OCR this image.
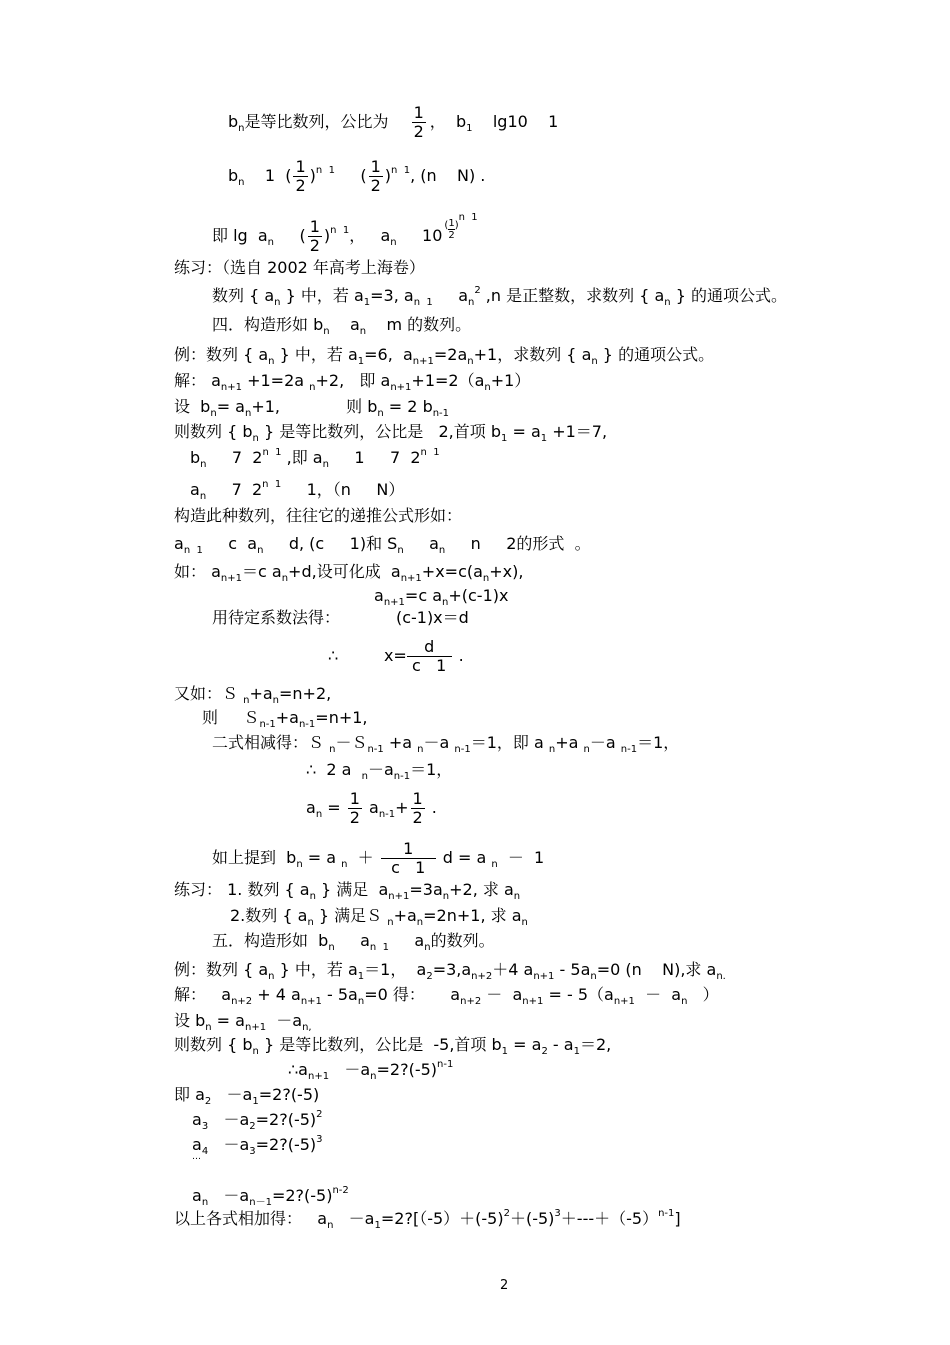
$b_n$是等比数列，公比为 $\frac{1}{2}$ ，  $b_1$    lg10    1
$b_n$    1  ( $\frac{1}{2} )^{n 1}$     ( $\frac{1}{2} )^{n 1}$, (n    N) .
即 $\lg a_n$     ( $\frac{1}{2} )^{n 1}$，   $a_n$     $10( \frac{1}{2} )^{n 1}$
练习：（选自 2002 年高考上海卷）
数列 { $a_n$ } 中，若 $a_1=3$, $a_{n 1}$     $a_n^2$ ,n 是正整数，求数列 { $a_n$ } 的通项公式。
四．构造形如 $b_n$    $a_n$    m 的数列。
例：数列 { $a_n$ } 中，若 $a_1=6$,  $a_{n+1}=2a_n+1$，求数列 { $a_n$ } 的通项公式。
解： $a_{n+1} +1=2a$ $_n$+2,   即 $a_{n+1}+1=2(a_n+1)$
设  $b_n= a_n+1$,             则 $b_n = 2$ $b_{n-1}$
则数列 { $b_n$ } 是等比数列，公比是   2,首项 $b_1 = a_1 +1=7$,
$b_n$     7  $2^{n 1}$ ,即 $a_n$     1     7  $2^{n 1}$
$a_n$     7  $2^{n 1}$     1，（n     N）
构造此种数列，往往它的递推公式形如：
$a_{n 1}$     c  $a_n$     d, (c     1)和 $S_n$     $a_n$     n     2的形式  。
如： $a_{n+1}=c$ $a_n+d$,设可化成  $a_{n+1}+x=c(a_n+x)$,
$a_{n+1}=c$ $a_n+(c-1)x$
用待定系数法得：           (c-1)x＝d
∴         $x= \frac{d}{c 1}$ .
又如：Ｓ $_n+a_n=n+2$,
则     $S_{n-1}+a_{n-1}=n+1$,
二式相减得：Ｓ $_n$－Ｓ$_{n-1}$ +a $_n$－a $_{n-1}$＝1，即 a $_n$+a $_n$－a $_{n-1}$＝1，
∴  2 a  $_n-a_{n-1}=1$，
$a_n = \frac{1}{2} a_{n-1}+ \frac{1}{2}$ .
如上提到  $b_n = a$ $_n + \frac{1}{c 1}$ d = a $_n$  －  1
练习： 1. 数列 { $a_n$ } 满足  $a_{n+1}=3a_n+2$, 求 $a_n$
2.数列 { $a_n$ } 满足Ｓ $_n+a_n=2n+1$, 求 $a_n$
五．构造形如  $b_n$     $a_{n 1}$     $a_n$的数列。
例：数列 { $a_n$ } 中，若 $a_1=1$，  $a_2=3,a_{n+2}+4$ $a_{n+1} - 5a_n=0$ (n    N),求 $a_{n.}$
解：   $a_{n+2} + 4$ $a_{n+1} - 5a_n=0$ 得：     $a_{n+2} - a_{n+1}$ = - $5(a_{n+1} - a_n$   ）
设 $b_n = a_{n+1} -a_{n,}$
则数列 { $b_n$ } 是等比数列，公比是  -5,首项 $b_1 = a_2 - a_1=2$,
$\therefore a_{n+1}$   $-a_n=2?(-5)^{n-1}$
即 $a_2$   $-a_1=2?(-5)$
$a_3$   $-a_2=2?(-5)^2$
$a_4$   $-a_3=2?(-5)^3$
…
$a_n$   $-a_{n-1}=2?(-5)^{n-2}$
以上各式相加得：   $a_n$   $-a_1=2?[(-5)+(-5)^2+(-5)^3+---+(-5)^{n-1}]$
2
